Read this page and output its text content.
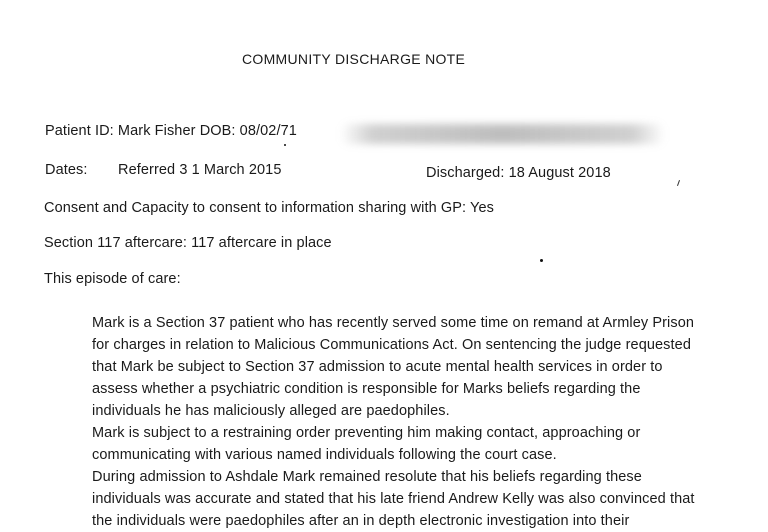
COMMUNITY DISCHARGE NOTE
Patient ID: Mark Fisher DOB: 08/02/71
Dates: Referred 3 1 March 2015	Discharged: 18 August 2018
Consent and Capacity to consent to information sharing with GP: Yes
Section 117 aftercare: 117 aftercare in place
This episode of care:
Mark is a Section 37 patient who has recently served some time on remand at Armley Prison
for charges in relation to Malicious Communications Act. On sentencing the judge requested
that Mark be subject to Section 37 admission to acute mental health services in order to
assess whether a psychiatric condition is responsible for Marks beliefs regarding the
individuals he has maliciously alleged are paedophiles.
Mark is subject to a restraining order preventing him making contact, approaching or
communicating with various named individuals following the court case.
During admission to Ashdale Mark remained resolute that his beliefs regarding these
individuals was accurate and stated that his late friend Andrew Kelly was also convinced that
the individuals were paedophiles after an in depth electronic investigation into their
